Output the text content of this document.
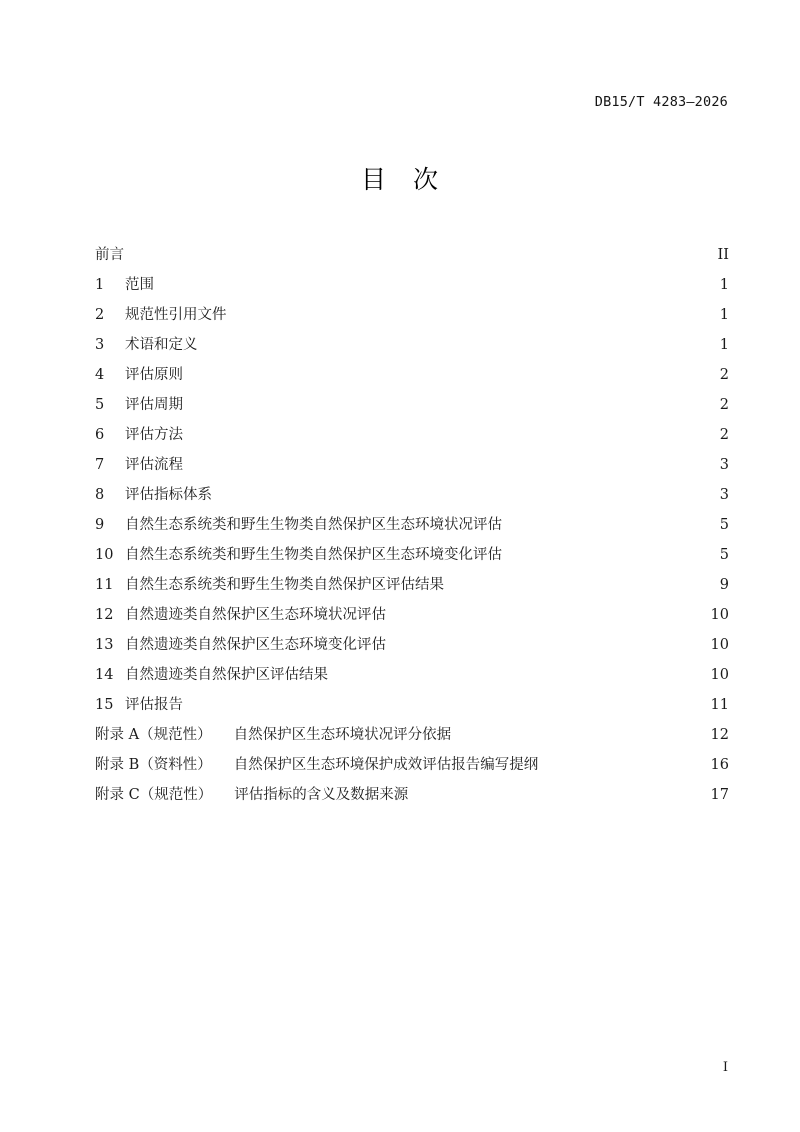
DB15/T 4283—2026
目 次
前言 .....	II
1	范围 .....	1
2	规范性引用文件 .....	1
3	术语和定义 .....	1
4	评估原则 .....	2
5	评估周期 .....	2
6	评估方法 .....	2
7	评估流程 .....	3
8	评估指标体系 .....	3
9	自然生态系统类和野生生物类自然保护区生态环境状况评估 .....	5
10 自然生态系统类和野生生物类自然保护区生态环境变化评估 .....	5
11 自然生态系统类和野生生物类自然保护区评估结果 .....	9
12 自然遗迹类自然保护区生态环境状况评估 .....	10
13 自然遗迹类自然保护区生态环境变化评估 .....	10
14 自然遗迹类自然保护区评估结果 .....	10
15 评估报告 .....	11
附录 A（规范性） 自然保护区生态环境状况评分依据 .....	12
附录 B（资料性） 自然保护区生态环境保护成效评估报告编写提纲 .....	16
附录 C（规范性） 评估指标的含义及数据来源 .....	17
I
